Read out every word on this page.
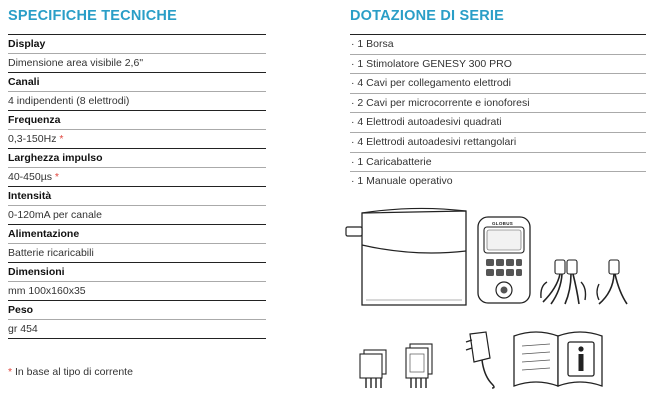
SPECIFICHE TECNICHE
Display
Dimensione area visibile 2,6"
Canali
4 indipendenti (8 elettrodi)
Frequenza
0,3-150Hz *
Larghezza impulso
40-450µs *
Intensità
0-120mA per canale
Alimentazione
Batterie ricaricabili
Dimensioni
mm 100x160x35
Peso
gr 454
* In base al tipo di corrente
DOTAZIONE DI SERIE
· 1 Borsa
· 1 Stimolatore GENESY 300 PRO
· 4 Cavi per collegamento elettrodi
· 2 Cavi per microcorrente e ionoforesi
· 4 Elettrodi autoadesivi quadrati
· 4 Elettrodi autoadesivi rettangolari
· 1 Caricabatterie
· 1 Manuale operativo
GLOBUS
